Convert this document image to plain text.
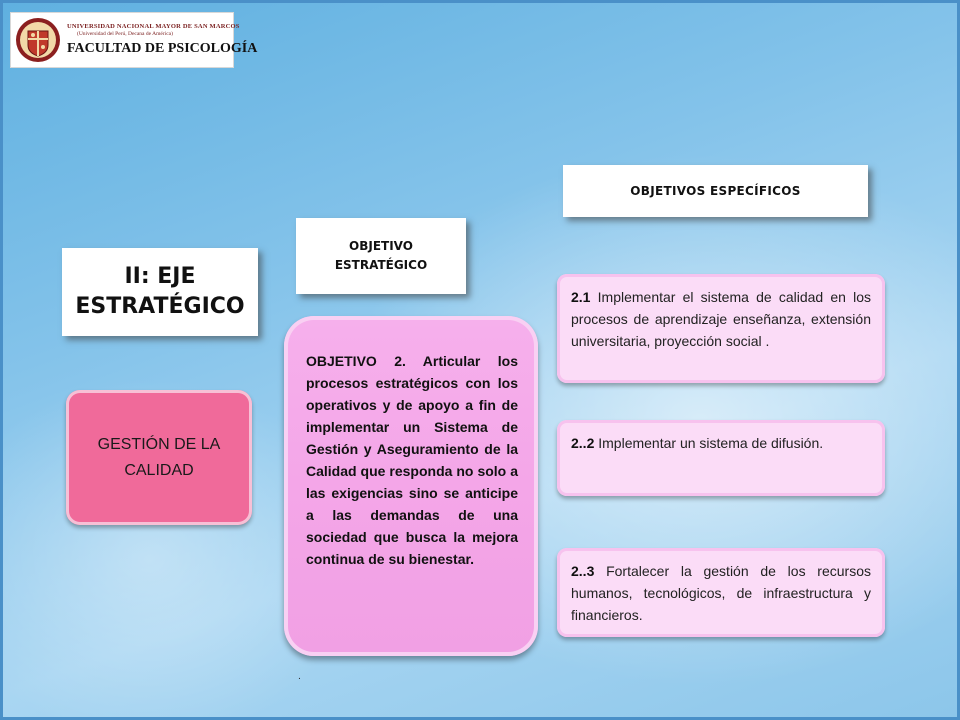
UNIVERSIDAD NACIONAL MAYOR DE SAN MARCOS
(Universidad del Perú, Decana de América)
FACULTAD DE PSICOLOGÍA
II: EJE
ESTRATÉGICO
OBJETIVO
ESTRATÉGICO
OBJETIVOS ESPECÍFICOS
GESTIÓN DE LA CALIDAD
OBJETIVO 2. Articular los procesos estratégicos con los operativos y de apoyo a fin de implementar un Sistema de Gestión y Aseguramiento de la Calidad que responda no solo a las exigencias sino se anticipe a las demandas de una sociedad que busca la mejora continua de su bienestar.
.
2.1 Implementar el sistema de calidad en los procesos de aprendizaje enseñanza, extensión universitaria, proyección social .
2..2 Implementar un sistema de difusión.
2..3 Fortalecer la gestión de los recursos humanos, tecnológicos, de infraestructura y financieros.
